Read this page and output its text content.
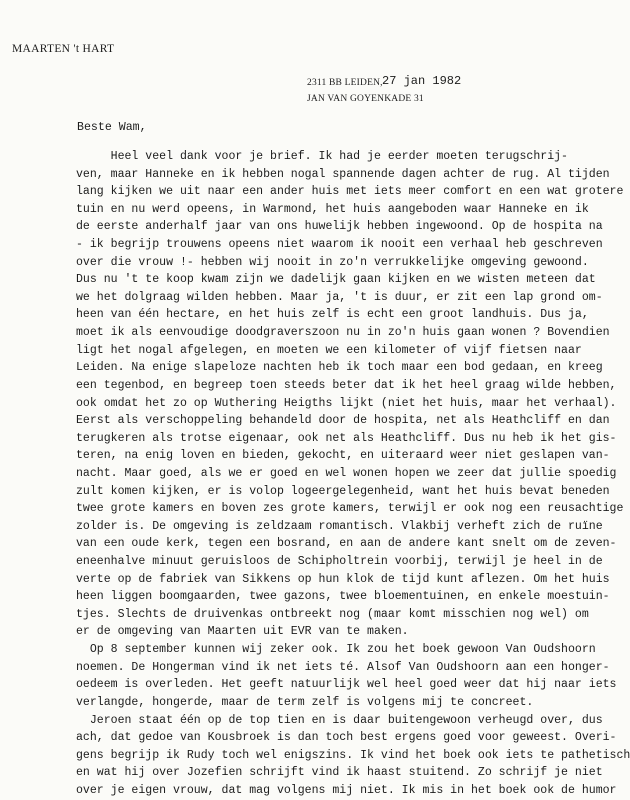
MAARTEN 't HART
2311 BB LEIDEN, 27 jan 1982
JAN VAN GOYENKADE 31
Beste Wam,
Heel veel dank voor je brief. Ik had je eerder moeten terugschrij-
ven, maar Hanneke en ik hebben nogal spannende dagen achter de rug. Al tijden
lang kijken we uit naar een ander huis met iets meer comfort en een wat grotere
tuin en nu werd opeens, in Warmond, het huis aangeboden waar Hanneke en ik
de eerste anderhalf jaar van ons huwelijk hebben ingewoond. Op de hospita na
- ik begrijp trouwens opeens niet waarom ik nooit een verhaal heb geschreven
over die vrouw !- hebben wij nooit in zo'n verrukkelijke omgeving gewoond.
Dus nu 't te koop kwam zijn we dadelijk gaan kijken en we wisten meteen dat
we het dolgraag wilden hebben. Maar ja, 't is duur, er zit een lap grond om-
heen van één hectare, en het huis zelf is echt een groot landhuis. Dus ja,
moet ik als eenvoudige doodgraverszoon nu in zo'n huis gaan wonen ? Bovendien
ligt het nogal afgelegen, en moeten we een kilometer of vijf fietsen naar
Leiden. Na enige slapeloze nachten heb ik toch maar een bod gedaan, en kreeg
een tegenbod, en begreep toen steeds beter dat ik het heel graag wilde hebben,
ook omdat het zo op Wuthering Heigths lijkt (niet het huis, maar het verhaal).
Eerst als verschoppeling behandeld door de hospita, net als Heathcliff en dan
terugkeren als trotse eigenaar, ook net als Heathcliff. Dus nu heb ik het gis-
teren, na enig loven en bieden, gekocht, en uiteraard weer niet geslapen van-
nacht. Maar goed, als we er goed en wel wonen hopen we zeer dat jullie spoedig
zult komen kijken, er is volop logeergelegenheid, want het huis bevat beneden
twee grote kamers en boven zes grote kamers, terwijl er ook nog een reusachtige
zolder is. De omgeving is zeldzaam romantisch. Vlakbij verheft zich de ruïne
van een oude kerk, tegen een bosrand, en aan de andere kant snelt om de zeven-
eneenhalve minuut geruisloos de Schipholtrein voorbij, terwijl je heel in de
verte op de fabriek van Sikkens op hun klok de tijd kunt aflezen. Om het huis
heen liggen boomgaarden, twee gazons, twee bloementuinen, en enkele moestuin-
tjes. Slechts de druivenkas ontbreekt nog (maar komt misschien nog wel) om
er de omgeving van Maarten uit EVR van te maken.
Op 8 september kunnen wij zeker ook. Ik zou het boek gewoon Van Oudshoorn
noemen. De Hongerman vind ik net iets té. Alsof Van Oudshoorn aan een honger-
oedeem is overleden. Het geeft natuurlijk wel heel goed weer dat hij naar iets
verlangde, hongerde, maar de term zelf is volgens mij te concreet.
Jeroen staat één op de top tien en is daar buitengewoon verheugd over, dus
ach, dat gedoe van Kousbroek is dan toch best ergens goed voor geweest. Overi-
gens begrijp ik Rudy toch wel enigszins. Ik vind het boek ook iets te pathetisch
en wat hij over Jozefien schrijft vind ik haast stuitend. Zo schrijf je niet
over je eigen vrouw, dat mag volgens mij niet. Ik mis in het boek ook de humor
